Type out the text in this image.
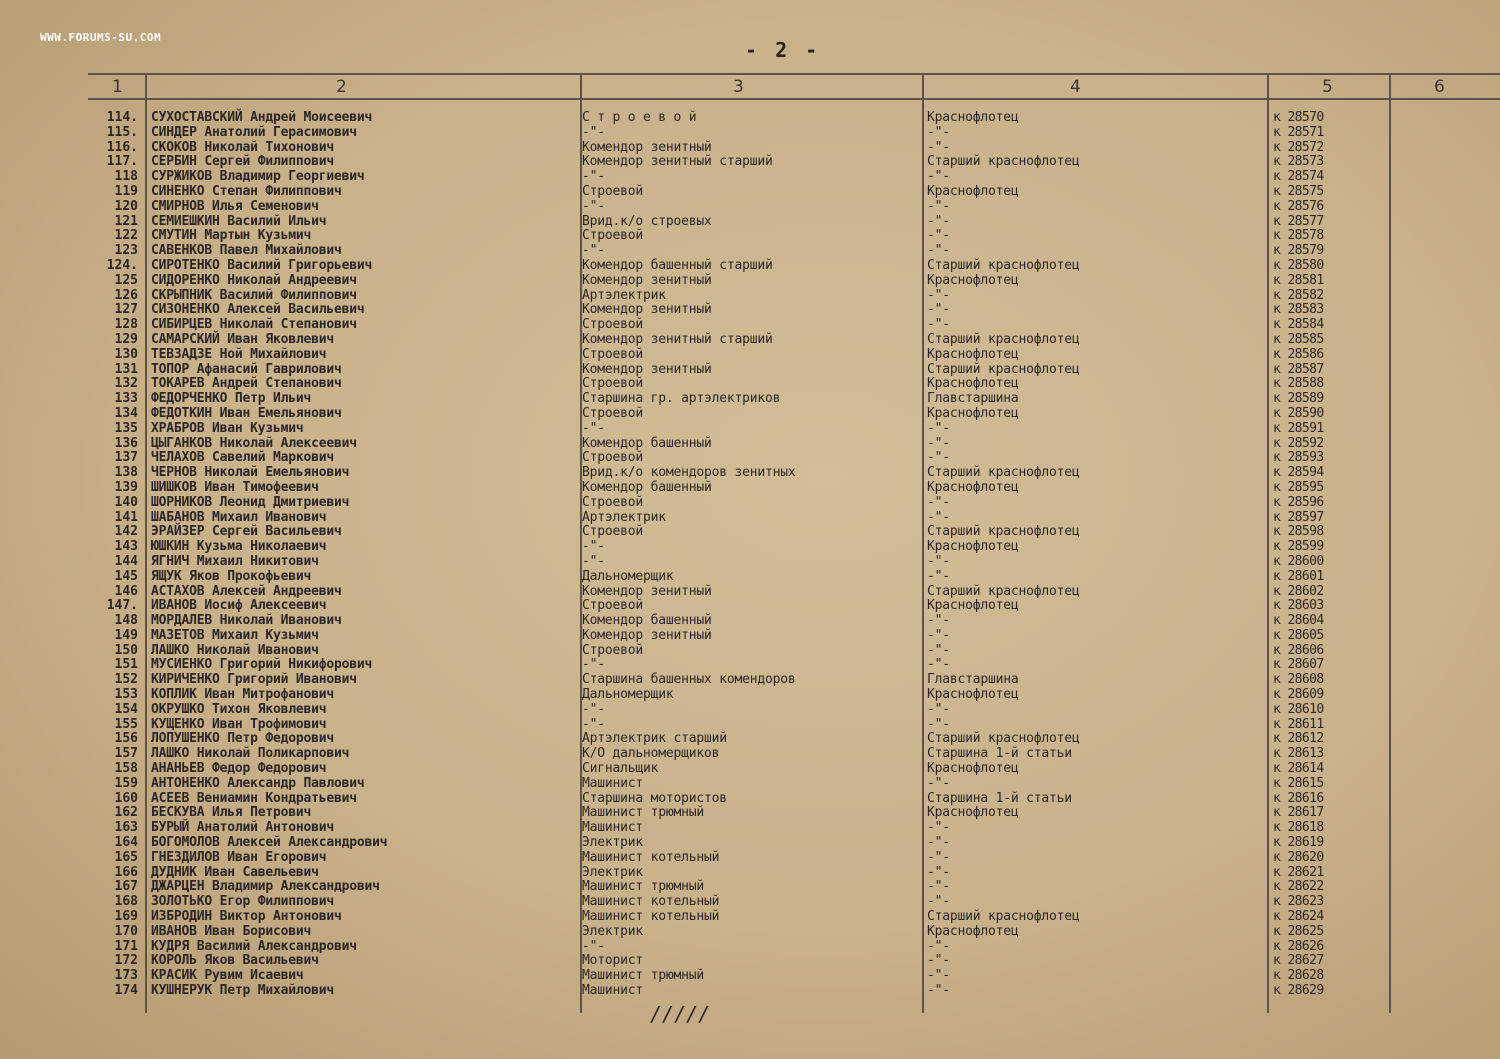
WWW.FORUMS-SU.COM
- 2 -
1	2	3	4	5	6
114. СУХОСТАВСКИЙ Андрей Моисеевич	С т р о е в о й	Краснофлотец	к 28570
115. СИНДЕР Анатолий Герасимович	-"-	-"-	к 28571
116. СКОКОВ Николай Тихонович	Комендор зенитный	-"-	к 28572
117. СЕРБИН Сергей Филиппович	Комендор зенитный старший	Старший краснофлотец	к 28573
118 СУРЖИКОВ Владимир Георгиевич	-"-	-"-	к 28574
119 СИНЕНКО Степан Филиппович	Строевой	Краснофлотец	к 28575
120 СМИРНОВ Илья Семенович	-"-	-"-	к 28576
121 СЕМИЕШКИН Василий Ильич	Врид.к/о строевых	-"-	к 28577
122 СМУТИН Мартын Кузьмич	Строевой	-"-	к 28578
123 САВЕНКОВ Павел Михайлович	-"-	-"-	к 28579
124. СИРОТЕНКО Василий Григорьевич	Комендор башенный старший	Старший краснофлотец	к 28580
125 СИДОРЕНКО Николай Андреевич	Комендор зенитный	Краснофлотец	к 28581
126 СКРЫПНИК Василий Филиппович	Артэлектрик	-"-	к 28582
127 СИЗОНЕНКО Алексей Васильевич	Комендор зенитный	-"-	к 28583
128 СИБИРЦЕВ Николай Степанович	Строевой	-"-	к 28584
129 САМАРСКИЙ Иван Яковлевич	Комендор зенитный старший	Старший краснофлотец	к 28585
130 ТЕВЗАДЗЕ Ной Михайлович	Строевой	Краснофлотец	к 28586
131 ТОПОР Афанасий Гаврилович	Комендор зенитный	Старший краснофлотец	к 28587
132 ТОКАРЕВ Андрей Степанович	Строевой	Краснофлотец	к 28588
133 ФЕДОРЧЕНКО Петр Ильич	Старшина гр. артэлектриков	Главстаршина	к 28589
134 ФЕДОТКИН Иван Емельянович	Строевой	Краснофлотец	к 28590
135 ХРАБРОВ Иван Кузьмич	-"-	-"-	к 28591
136 ЦЫГАНКОВ Николай Алексеевич	Комендор башенный	-"-	к 28592
137 ЧЕЛАХОВ Савелий Маркович	Строевой	-"-	к 28593
138 ЧЕРНОВ Николай Емельянович	Врид.к/о комендоров зенитных	Старший краснофлотец	к 28594
139 ШИШКОВ Иван Тимофеевич	Комендор башенный	Краснофлотец	к 28595
140 ШОРНИКОВ Леонид Дмитриевич	Строевой	-"-	к 28596
141 ШАБАНОВ Михаил Иванович	Артэлектрик	-"-	к 28597
142 ЭРАЙЗЕР Сергей Васильевич	Строевой	Старший краснофлотец	к 28598
143 ЮШКИН Кузьма Николаевич	-"-	Краснофлотец	к 28599
144 ЯГНИЧ Михаил Никитович	-"-	-"-	к 28600
145 ЯЩУК Яков Прокофьевич	Дальномерщик	-"-	к 28601
146 АСТАХОВ Алексей Андреевич	Комендор зенитный	Старший краснофлотец	к 28602
147. ИВАНОВ Иосиф Алексеевич	Строевой	Краснофлотец	к 28603
148 МОРДАЛЕВ Николай Иванович	Комендор башенный	-"-	к 28604
149 МАЗЕТОВ Михаил Кузьмич	Комендор зенитный	-"-	к 28605
150 ЛАШКО Николай Иванович	Строевой	-"-	к 28606
151 МУСИЕНКО Григорий Никифорович	-"-	-"-	к 28607
152 КИРИЧЕНКО Григорий Иванович	Старшина башенных комендоров	Главстаршина	к 28608
153 КОПЛИК Иван Митрофанович	Дальномерщик	Краснофлотец	к 28609
154 ОКРУШКО Тихон Яковлевич	-"-	-"-	к 28610
155 КУЩЕНКО Иван Трофимович	-"-	-"-	к 28611
156 ЛОПУШЕНКО Петр Федорович	Артэлектрик старший	Старший краснофлотец	к 28612
157 ЛАШКО Николай Поликарпович	К/О дальномерщиков	Старшина 1-й статьи	к 28613
158 АНАНЬЕВ Федор Федорович	Сигнальщик	Краснофлотец	к 28614
159 АНТОНЕНКО Александр Павлович	Машинист	-"-	к 28615
160 АСЕЕВ Вениамин Кондратьевич	Старшина мотористов	Старшина 1-й статьи	к 28616
162 БЕСКУВА Илья Петрович	Машинист трюмный	Краснофлотец	к 28617
163 БУРЫЙ Анатолий Антонович	Машинист	-"-	к 28618
164 БОГОМОЛОВ Алексей Александрович	Электрик	-"-	к 28619
165 ГНЕЗДИЛОВ Иван Егорович	Машинист котельный	-"-	к 28620
166 ДУДНИК Иван Савельевич	Электрик	-"-	к 28621
167 ДЖАРЦЕН Владимир Александрович	Машинист трюмный	-"-	к 28622
168 ЗОЛОТЬКО Егор Филиппович	Машинист котельный	-"-	к 28623
169 ИЗБРОДИН Виктор Антонович	Машинист котельный	Старший краснофлотец	к 28624
170 ИВАНОВ Иван Борисович	Электрик	Краснофлотец	к 28625
171 КУДРЯ Василий Александрович	-"-	-"-	к 28626
172 КОРОЛЬ Яков Васильевич	Моторист	-"-	к 28627
173 КРАСИК Рувим Исаевич	Машинист трюмный	-"-	к 28628
174 КУШНЕРУК Петр Михайлович	Машинист	-"-	к 28629
/////
